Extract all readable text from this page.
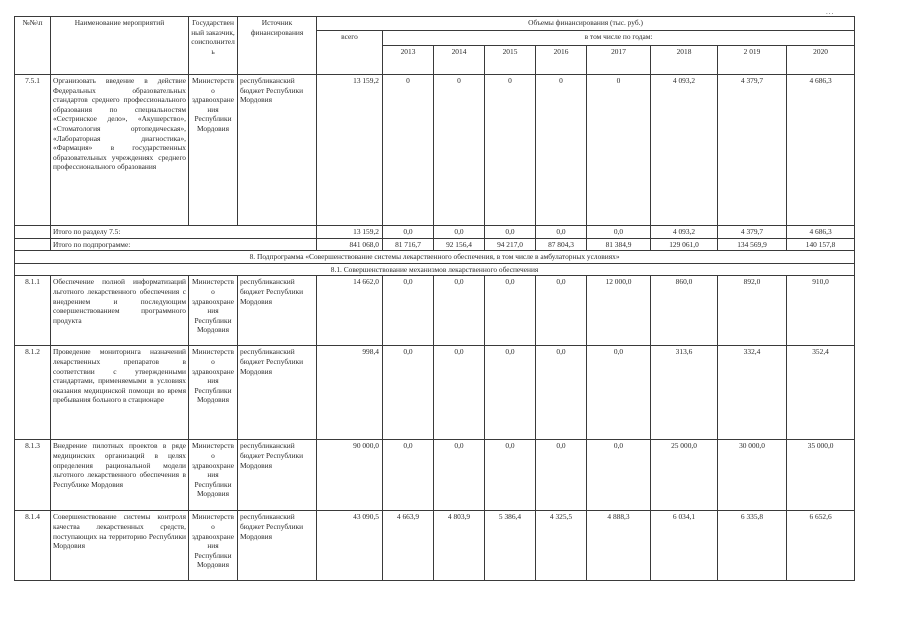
...
№№\п	Наименование мероприятий	Государственный заказчик, соисполнитель	Источник финансирования	Объемы финансирования (тыс. руб.)								
				всего	в том числе по годам:							
					2013	2014	2015	2016	2017	2018	2 019	2020
7.5.1	Организовать введение в действие Федеральных образовательных стандартов среднего профессионального образования по специальностям «Сестринское дело», «Акушерство», «Стоматология ортопедическая», «Лабораторная диагностика», «Фармация» в государственных образовательных учреждениях среднего профессионального образования	Министерство здравоохранения Республики Мордовия	республиканский бюджет Республики Мордовия	13 159,2	0	0	0	0	0	4 093,2	4 379,7	4 686,3
	Итого по разделу 7.5:			13 159,2	0,0	0,0	0,0	0,0	0,0	4 093,2	4 379,7	4 686,3
	Итого по подпрограмме:			841 068,0	81 716,7	92 156,4	94 217,0	87 804,3	81 384,9	129 061,0	134 569,9	140 157,8
8. Подпрограмма «Совершенствование системы лекарственного обеспечения, в том числе в амбулаторных условиях»												
8.1. Совершенствование механизмов лекарственного обеспечения												
8.1.1	Обеспечение полной информатизаций льготного лекарственного обеспечения с внедрением и последующим совершенствованием программного продукта	Министерство здравоохранения Республики Мордовия	республиканский бюджет Республики Мордовия	14 662,0	0,0	0,0	0,0	0,0	12 000,0	860,0	892,0	910,0
8.1.2	Проведение мониторинга назначений лекарственных препаратов в соответствии с утвержденными стандартами, применяемыми в условиях оказания медицинской помощи во время пребывания больного в стационаре	Министерство здравоохранения Республики Мордовия	республиканский бюджет Республики Мордовия	998,4	0,0	0,0	0,0	0,0	0,0	313,6	332,4	352,4
8.1.3	Внедрение пилотных проектов в ряде медицинских организаций в целях определения рациональной модели льготного лекарственного обеспечения в Республике Мордовия	Министерство здравоохранения Республики Мордовия	республиканский бюджет Республики Мордовия	90 000,0	0,0	0,0	0,0	0,0	0,0	25 000,0	30 000,0	35 000,0
8.1.4	Совершенствование системы контроля качества лекарственных средств, поступающих на территорию Республики Мордовия	Министерство здравоохранения Республики Мордовия	республиканский бюджет Республики Мордовия	43 090,5	4 663,9	4 803,9	5 386,4	4 325,5	4 888,3	6 034,1	6 335,8	6 652,6
